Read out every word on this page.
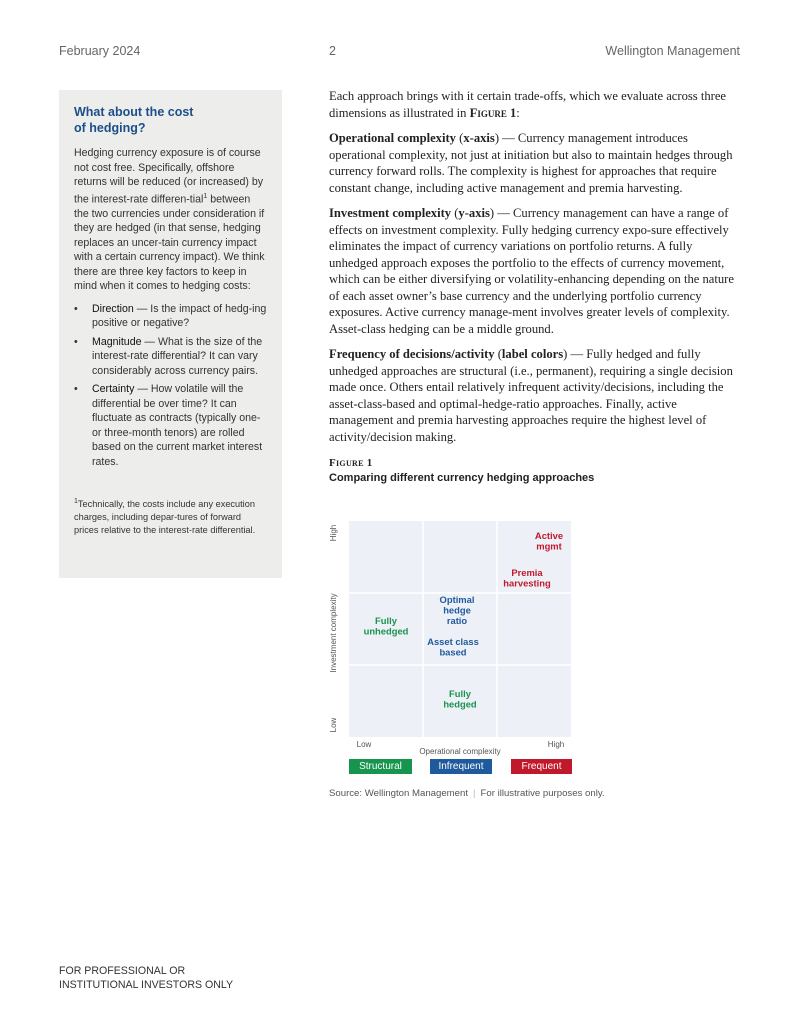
February 2024	2	Wellington Management
What about the cost
of hedging?

Hedging currency exposure is of course not cost free. Specifically, offshore returns will be reduced (or increased) by the interest-rate differen-tial$^1$ between the two currencies under consideration if they are hedged (in that sense, hedging replaces an uncer-tain currency impact with a certain currency impact). We think there are three key factors to keep in mind when it comes to hedging costs:

• Direction — Is the impact of hedg-ing positive or negative?
• Magnitude — What is the size of the interest-rate differential? It can vary considerably across currency pairs.
• Certainty — How volatile will the differential be over time? It can fluctuate as contracts (typically one- or three-month tenors) are rolled based on the current market interest rates.
$^1$Technically, the costs include any execution charges, including depar-tures of forward prices relative to the interest-rate differential.

Each approach brings with it certain trade-offs, which we evaluate across three dimensions as illustrated in Figure 1:

Operational complexity (x-axis) — Currency management introduces operational complexity, not just at initiation but also to maintain hedges through currency forward rolls. The complexity is highest for approaches that require constant change, including active management and premia harvesting.

Investment complexity (y-axis) — Currency management can have a range of effects on investment complexity. Fully hedging currency expo-sure effectively eliminates the impact of currency variations on portfolio returns. A fully unhedged approach exposes the portfolio to the effects of currency movement, which can be either diversifying or volatility-enhancing depending on the nature of each asset owner’s base currency and the underlying portfolio currency exposures. Active currency manage-ment involves greater levels of complexity. Asset-class hedging can be a middle ground.

Frequency of decisions/activity (label colors) — Fully hedged and fully unhedged approaches are structural (i.e., permanent), requiring a single decision made once. Others entail relatively infrequent activity/decisions, including the asset-class-based and optimal-hedge-ratio approaches. Finally, active management and premia harvesting approaches require the highest level of activity/decision making.

Figure 1
Comparing different currency hedging approaches
Active
mgmt
Premia
harvesting
Optimal
hedge
ratio
Asset class
based
Fully
unhedged
Fully
hedged
Low	High
Operational complexity
High
Low
Investment complexity
Structural	Infrequent	Frequent
Source: Wellington Management | For illustrative purposes only.
FOR PROFESSIONAL OR
INSTITUTIONAL INVESTORS ONLY
